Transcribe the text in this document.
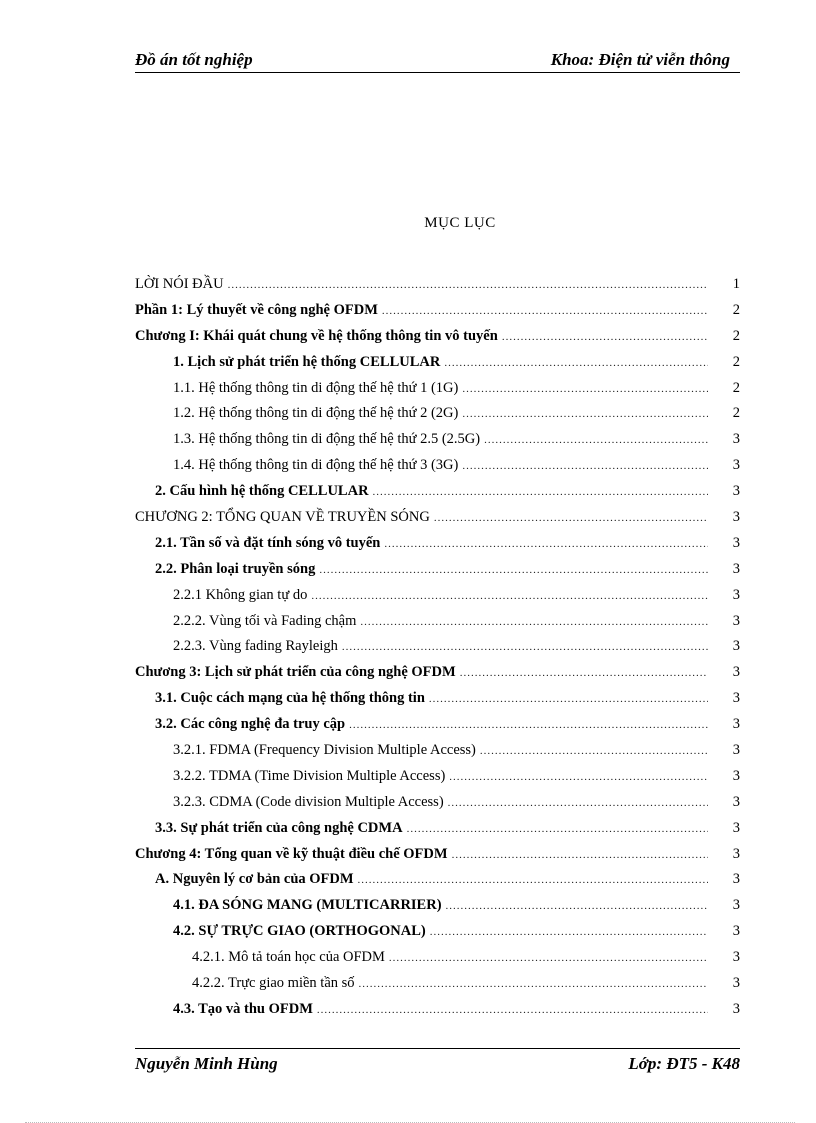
Đồ án tốt nghiệp	Khoa: Điện tử viễn thông
MỤC LỤC
LỜI NÓI ĐẦU .....	1
Phần 1: Lý thuyết về công nghệ OFDM .....	2
Chương I: Khái quát chung về hệ thống thông tin vô tuyến .....	2
1. Lịch sử phát triển hệ thống CELLULAR .....	2
1.1. Hệ thống thông tin di động thế hệ thứ 1 (1G) .....	2
1.2. Hệ thống thông tin di động thế hệ thứ 2 (2G) .....	2
1.3. Hệ thống thông tin di động thế hệ thứ 2.5 (2.5G) .....	3
1.4. Hệ thống thông tin di động thế hệ thứ 3 (3G) .....	3
2. Cấu hình hệ thống CELLULAR .....	3
CHƯƠNG 2: TỔNG QUAN VỀ TRUYỀN SÓNG .....	3
2.1. Tần số và đặt tính sóng vô tuyến .....	3
2.2. Phân loại truyền sóng .....	3
2.2.1 Không gian tự do .....	3
2.2.2. Vùng tối và Fading chậm .....	3
2.2.3. Vùng fading Rayleigh .....	3
Chương 3: Lịch sử phát triển của công nghệ OFDM .....	3
3.1. Cuộc cách mạng của hệ thống thông tin .....	3
3.2. Các công nghệ đa truy cập .....	3
3.2.1. FDMA (Frequency Division Multiple Access) .....	3
3.2.2. TDMA (Time Division Multiple Access) .....	3
3.2.3. CDMA (Code division Multiple Access) .....	3
3.3. Sự phát triển của công nghệ CDMA .....	3
Chương 4: Tổng quan về kỹ thuật điều chế OFDM .....	3
A. Nguyên lý cơ bản của OFDM .....	3
4.1. ĐA SÓNG MANG (MULTICARRIER) .....	3
4.2. SỰ TRỰC GIAO (ORTHOGONAL) .....	3
4.2.1. Mô tả toán học của OFDM .....	3
4.2.2. Trực giao miền tần số .....	3
4.3. Tạo và thu OFDM .....	3
Nguyễn Minh Hùng	Lớp: ĐT5 - K48
